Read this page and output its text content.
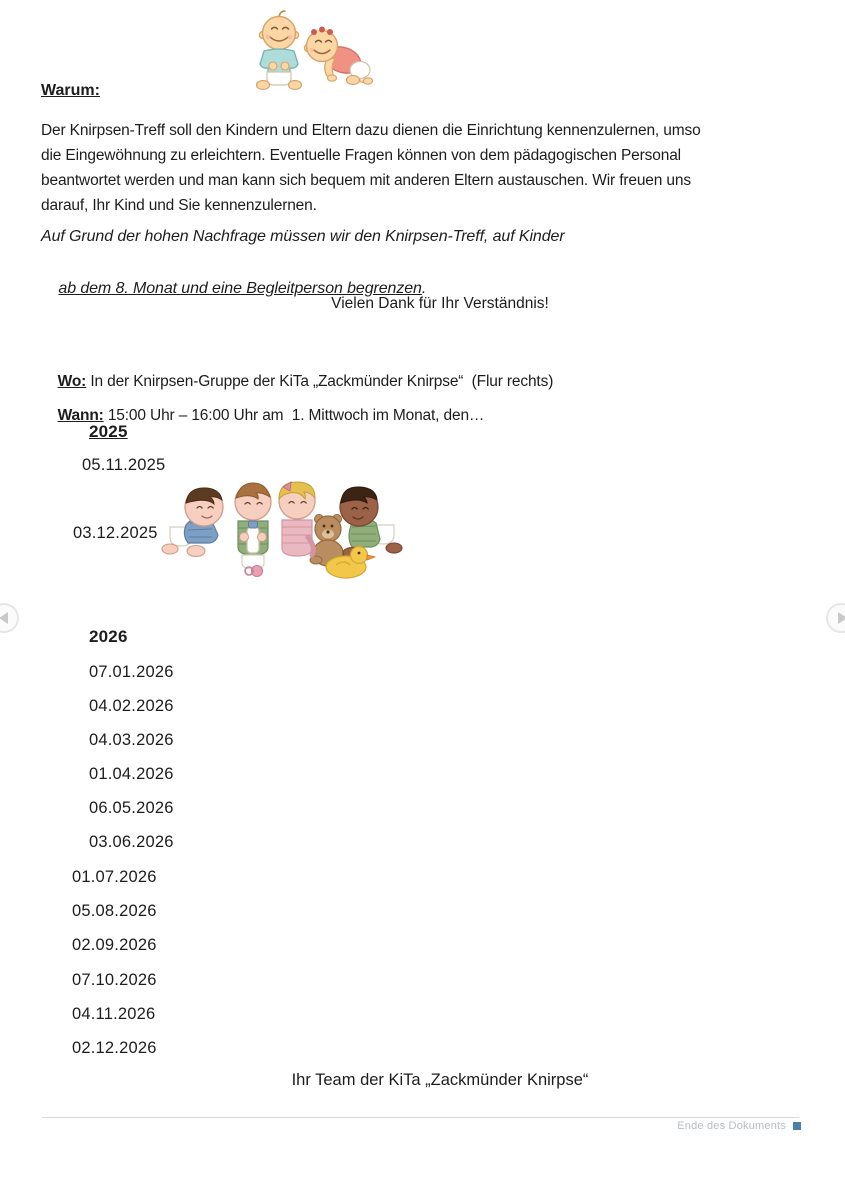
Warum:
Der Knirpsen-Treff soll den Kindern und Eltern dazu dienen die Einrichtung kennenzulernen, umso
die Eingewöhnung zu erleichtern. Eventuelle Fragen können von dem pädagogischen Personal
beantwortet werden und man kann sich bequem mit anderen Eltern austauschen. Wir freuen uns
darauf, Ihr Kind und Sie kennenzulernen.
Auf Grund der hohen Nachfrage müssen wir den Knirpsen-Treff, auf Kinder

ab dem 8. Monat und eine Begleitperson begrenzen.

Vielen Dank für Ihr Verständnis!

Wo: In der Knirpsen-Gruppe der KiTa „Zackmünder Knirpse“  (Flur rechts)

Wann: 15:00 Uhr – 16:00 Uhr am  1. Mittwoch im Monat, den…

2025
05.11.2025
03.12.2025
2026
07.01.2026
04.02.2026
04.03.2026
01.04.2026
06.05.2026
03.06.2026
01.07.2026
05.08.2026
02.09.2026
07.10.2026
04.11.2026
02.12.2026
Ihr Team der KiTa „Zackmünder Knirpse“
Ende des Dokuments
